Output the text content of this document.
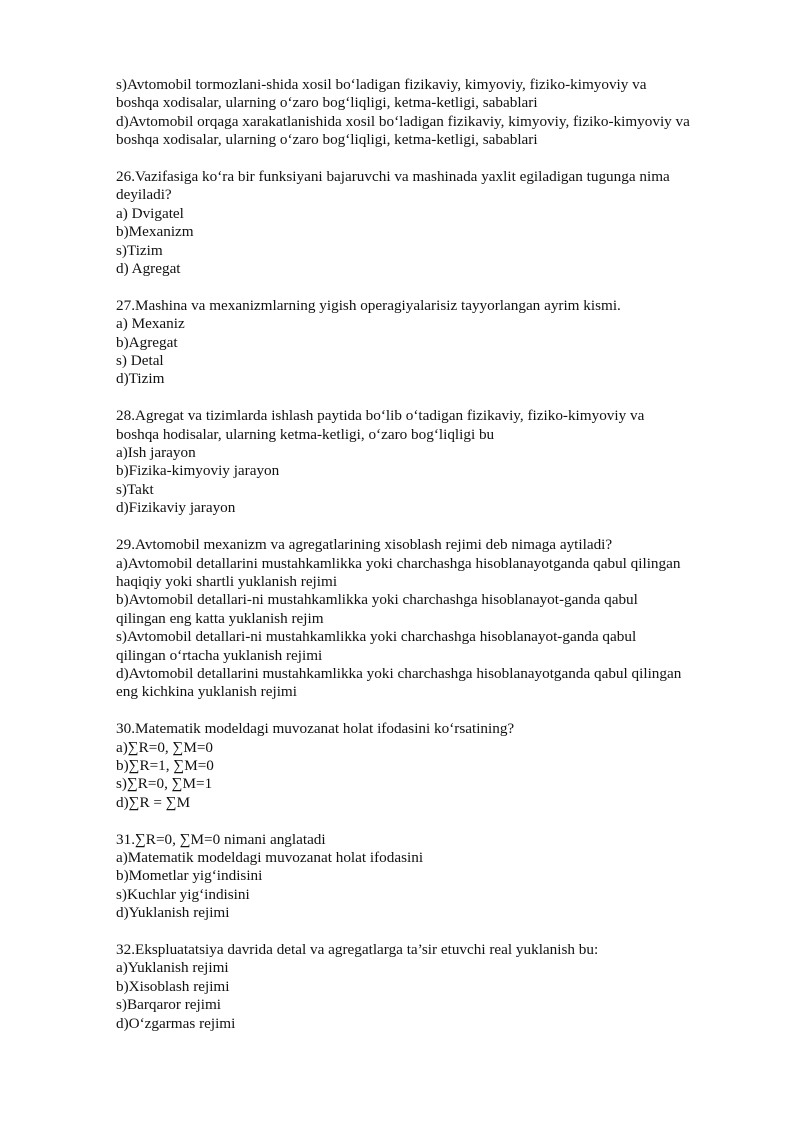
s)Avtomobil tormozlani-shida xosil bo‘ladigan fizikaviy, kimyoviy, fiziko-kimyoviy va
boshqa xodisalar, ularning o‘zaro bog‘liqligi, ketma-ketligi, sabablari
d)Avtomobil orqaga xarakatlanishida xosil bo‘ladigan fizikaviy, kimyoviy, fiziko-kimyoviy va
boshqa xodisalar, ularning o‘zaro bog‘liqligi, ketma-ketligi, sabablari
26.Vazifasiga ko‘ra bir funksiyani bajaruvchi va mashinada yaxlit egiladigan tugunga nima
deyiladi?
a) Dvigatel
b)Mexanizm
s)Tizim
d) Agregat
27.Mashina va mexanizmlarning yigish operagiyalarisiz tayyorlangan ayrim kismi.
a) Mexaniz
b)Agregat
s) Detal
d)Tizim
28.Agregat va tizimlarda ishlash paytida bo‘lib o‘tadigan fizikaviy, fiziko-kimyoviy va
boshqa hodisalar, ularning ketma-ketligi, o‘zaro bog‘liqligi bu
a)Ish jarayon
b)Fizika-kimyoviy jarayon
s)Takt
d)Fizikaviy jarayon
29.Avtomobil mexanizm va agregatlarining xisoblash rejimi deb nimaga aytiladi?
a)Avtomobil detallarini mustahkamlikka yoki charchashga hisoblanayotganda qabul qilingan
haqiqiy yoki shartli yuklanish rejimi
b)Avtomobil detallari-ni mustahkamlikka yoki charchashga hisoblanayot-ganda qabul
qilingan eng katta yuklanish rejim
s)Avtomobil detallari-ni mustahkamlikka yoki charchashga hisoblanayot-ganda qabul
qilingan o‘rtacha yuklanish rejimi
d)Avtomobil detallarini mustahkamlikka yoki charchashga hisoblanayotganda qabul qilingan
eng kichkina yuklanish rejimi
30.Matematik modeldagi muvozanat holat ifodasini ko‘rsatining?
a)∑R=0, ∑M=0
b)∑R=1, ∑M=0
s)∑R=0, ∑M=1
d)∑R = ∑M
31.∑R=0, ∑M=0 nimani anglatadi
a)Matematik modeldagi muvozanat holat ifodasini
b)Mometlar yig‘indisini
s)Kuchlar yig‘indisini
d)Yuklanish rejimi
32.Ekspluatatsiya davrida detal va agregatlarga ta’sir etuvchi real yuklanish bu:
a)Yuklanish rejimi
b)Xisoblash rejimi
s)Barqaror rejimi
d)O‘zgarmas rejimi
